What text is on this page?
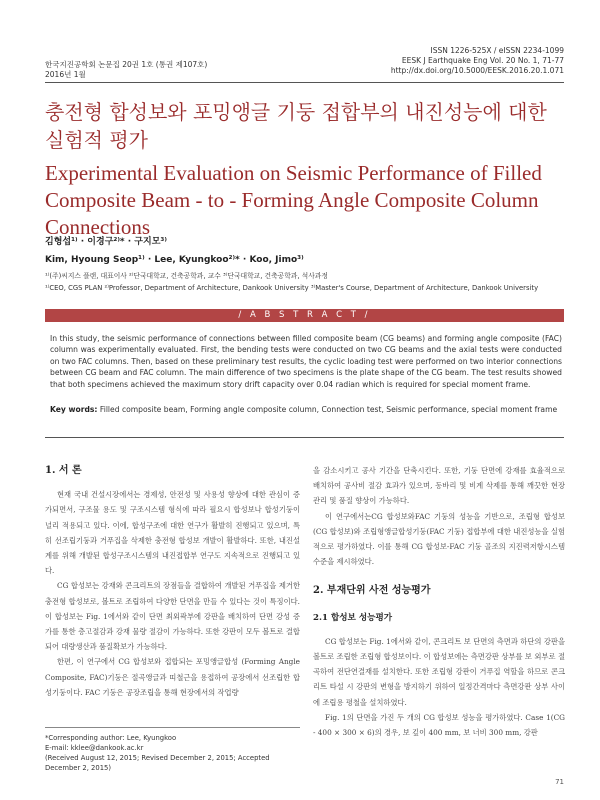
한국지진공학회 논문집 20권 1호 (통권 제107호)
2016년 1월
ISSN 1226-525X / eISSN 2234-1099
EESK J Earthquake Eng Vol. 20 No. 1, 71-77
http://dx.doi.org/10.5000/EESK.2016.20.1.071
충전형 합성보와 포밍앵글 기둥 접합부의 내진성능에 대한 실험적 평가
Experimental Evaluation on Seismic Performance of Filled Composite Beam - to - Forming Angle Composite Column Connections
김형섭¹⁾ · 이경구²⁾* · 구지모³⁾
Kim, Hyoung Seop¹⁾ · Lee, Kyungkoo²⁾* · Koo, Jimo³⁾
¹⁾(주)씨지스 플랜, 대표이사 ²⁾단국대학교, 건축공학과, 교수 ³⁾단국대학교, 건축공학과, 석사과정
¹⁾CEO, CGS PLAN ²⁾Professor, Department of Architecture, Dankook University ³⁾Master's Course, Department of Architecture, Dankook University
/ A B S T R A C T /
In this study, the seismic performance of connections between filled composite beam (CG beams) and forming angle composite (FAC) column was experimentally evaluated. First, the bending tests were conducted on two CG beams and the axial tests were conducted on two FAC columns. Then, based on these preliminary test results, the cyclic loading test were performed on two interior connections between CG beam and FAC column. The main difference of two specimens is the plate shape of the CG beam. The test results showed that both specimens achieved the maximum story drift capacity over 0.04 radian which is required for special moment frame.
Key words: Filled composite beam, Forming angle composite column, Connection test, Seismic performance, special moment frame
1. 서 론

현재 국내 건설시장에서는 경제성, 안전성 및 사용성 향상에 대한 관심이 증가되면서, 구조물 용도 및 구조시스템 형식에 따라 필요시 합성보나 합성기둥이 널리 적용되고 있다. 이에, 합성구조에 대한 연구가 활발히 진행되고 있으며, 특히 선조립기둥과 거푸집을 삭제한 충전형 합성보 개발이 활발하다. 또한, 내진설계를 위해 개발된 합성구조시스템의 내진접합부 연구도 지속적으로 진행되고 있다.

CG 합성보는 강재와 콘크리트의 장점들을 결합하여 개발된 거푸집을 제거한 충전형 합성보로, 볼트로 조립하여 다양한 단면을 만들 수 있다는 것이 특징이다. 이 합성보는 Fig. 1에서와 같이 단면 최외곽부에 강판을 배치하여 단면 강성 증가를 통한 층고절감과 강재 물량 절감이 가능하다. 또한 강판이 모두 볼트로 결합되어 대량생산과 품질확보가 가능하다.

한편, 이 연구에서 CG 합성보와 접합되는 포밍앵글합성 (Forming Angle Composite, FAC)기둥은 절곡앵글과 띠철근을 용접하여 공장에서 선조립한 합성기둥이다. FAC 기둥은 공장조립을 통해 현장에서의 작업량

을 감소시키고 공사 기간을 단축시킨다. 또한, 기둥 단면에 강재를 효율적으로 배치하여 공사비 절감 효과가 있으며, 동바리 및 비계 삭제를 통해 깨끗한 현장관리 및 품질 향상이 가능하다.

이 연구에서는CG 합성보와FAC 기둥의 성능을 기반으로, 조립형 합성보(CG 합성보)와 조립형앵글합성기둥(FAC 기둥) 접합부에 대한 내진성능을 실험적으로 평가하였다. 이를 통해 CG 합성보-FAC 기둥 골조의 지진력저항시스템 수준을 제시하였다.

2. 부재단위 사전 성능평가
2.1 합성보 성능평가

CG 합성보는 Fig. 1에서와 같이, 콘크리트 보 단면의 측면과 하단의 강판을 볼트로 조립한 조립형 합성보이다. 이 합성보에는 측면강판 상부를 보 외부로 절곡하여 전단연결재를 설치한다. 또한 조립형 강판이 거푸집 역할을 하므로 콘크리트 타설 시 강판의 변형을 방지하기 위하여 일정간격마다 측면강판 상부 사이에 조립용 평철을 설치하였다.

Fig. 1의 단면을 가진 두 개의 CG 합성보 성능을 평가하였다. Case 1(CG - 400 × 300 × 6)의 경우, 보 깊이 400 mm, 보 너비 300 mm, 강판

*Corresponding author: Lee, Kyungkoo
E-mail: kklee@dankook.ac.kr
(Received August 12, 2015; Revised December 2, 2015; Accepted December 2, 2015)
71
